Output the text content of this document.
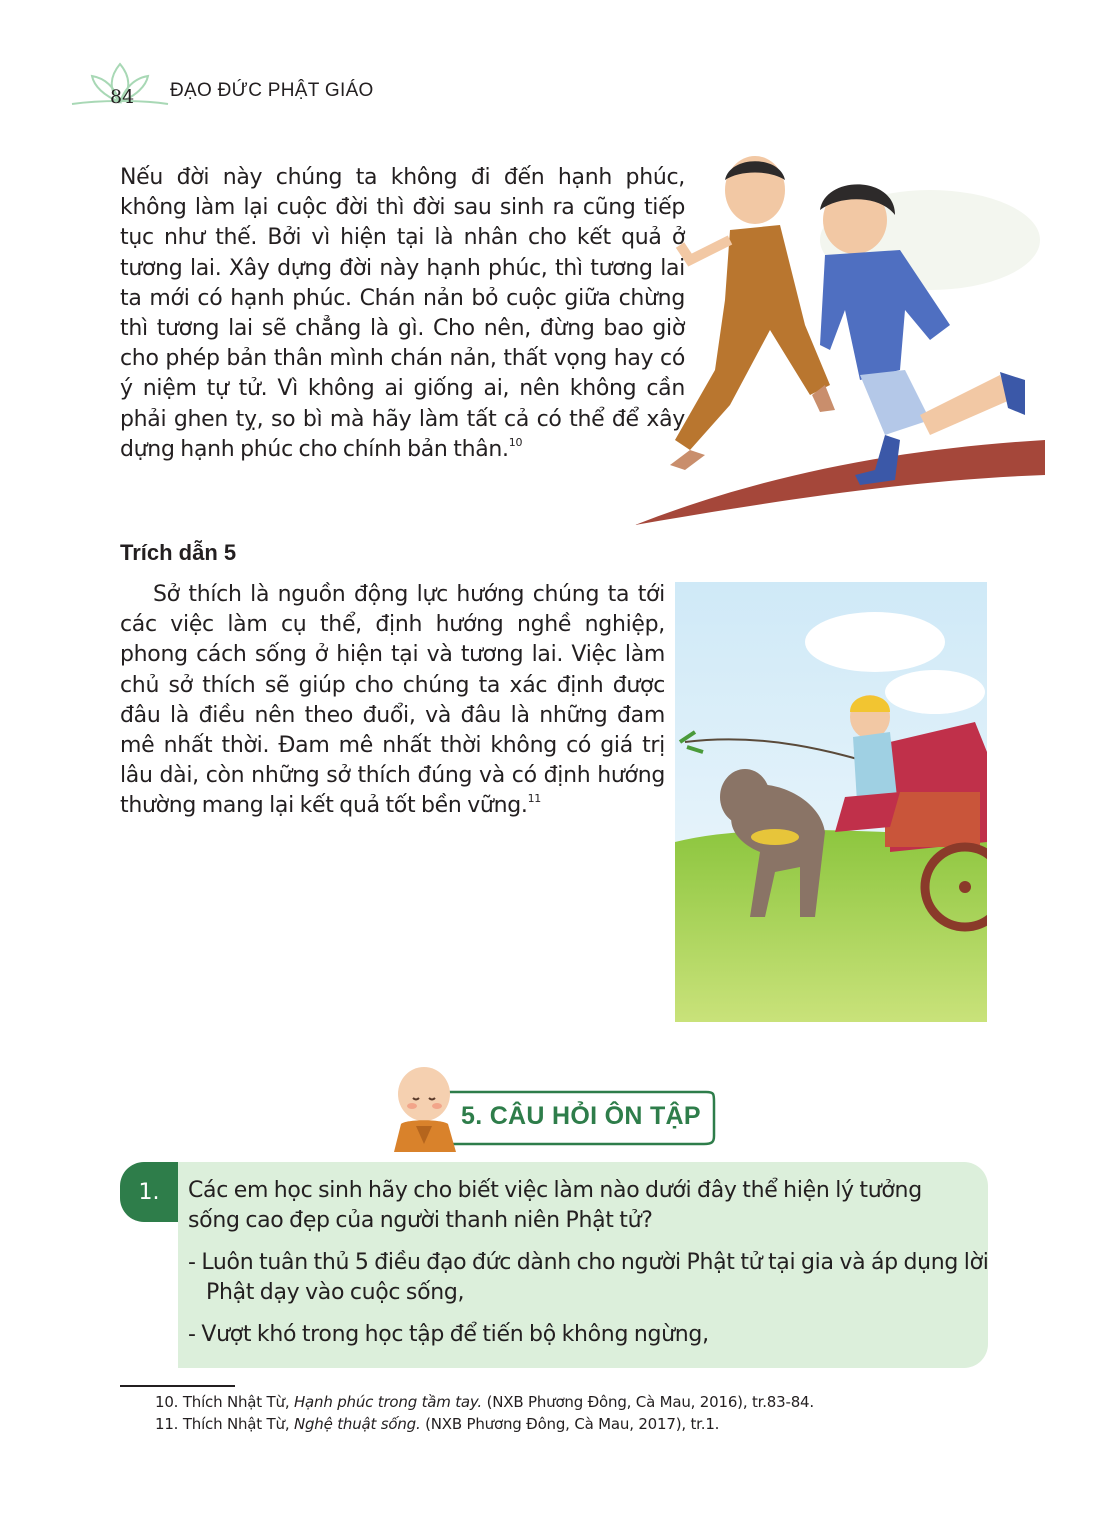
84 ĐẠO ĐỨC PHẬT GIÁO

Nếu đời này chúng ta không đi đến hạnh phúc, không làm lại cuộc đời thì đời sau sinh ra cũng tiếp tục như thế. Bởi vì hiện tại là nhân cho kết quả ở tương lai. Xây dựng đời này hạnh phúc, thì tương lai ta mới có hạnh phúc. Chán nản bỏ cuộc giữa chừng thì tương lai sẽ chẳng là gì. Cho nên, đừng bao giờ cho phép bản thân mình chán nản, thất vọng hay có ý niệm tự tử. Vì không ai giống ai, nên không cần phải ghen tỵ, so bì mà hãy làm tất cả có thể để xây dựng hạnh phúc cho chính bản thân.$^{10}$

Trích dẫn 5

Sở thích là nguồn động lực hướng chúng ta tới các việc làm cụ thể, định hướng nghề nghiệp, phong cách sống ở hiện tại và tương lai. Việc làm chủ sở thích sẽ giúp cho chúng ta xác định được đâu là điều nên theo đuổi, và đâu là những đam mê nhất thời. Đam mê nhất thời không có giá trị lâu dài, còn những sở thích đúng và có định hướng thường mang lại kết quả tốt bền vững.$^{11}$

5. CÂU HỎI ÔN TẬP
1.	Các em học sinh hãy cho biết việc làm nào dưới đây thể hiện lý tưởng sống cao đẹp của người thanh niên Phật tử?

- Luôn tuân thủ 5 điều đạo đức dành cho người Phật tử tại gia và áp dụng lời Phật dạy vào cuộc sống,

- Vượt khó trong học tập để tiến bộ không ngừng,

10. Thích Nhật Từ, Hạnh phúc trong tầm tay. (NXB Phương Đông, Cà Mau, 2016), tr.83-84.

11. Thích Nhật Từ, Nghệ thuật sống. (NXB Phương Đông, Cà Mau, 2017), tr.1.
